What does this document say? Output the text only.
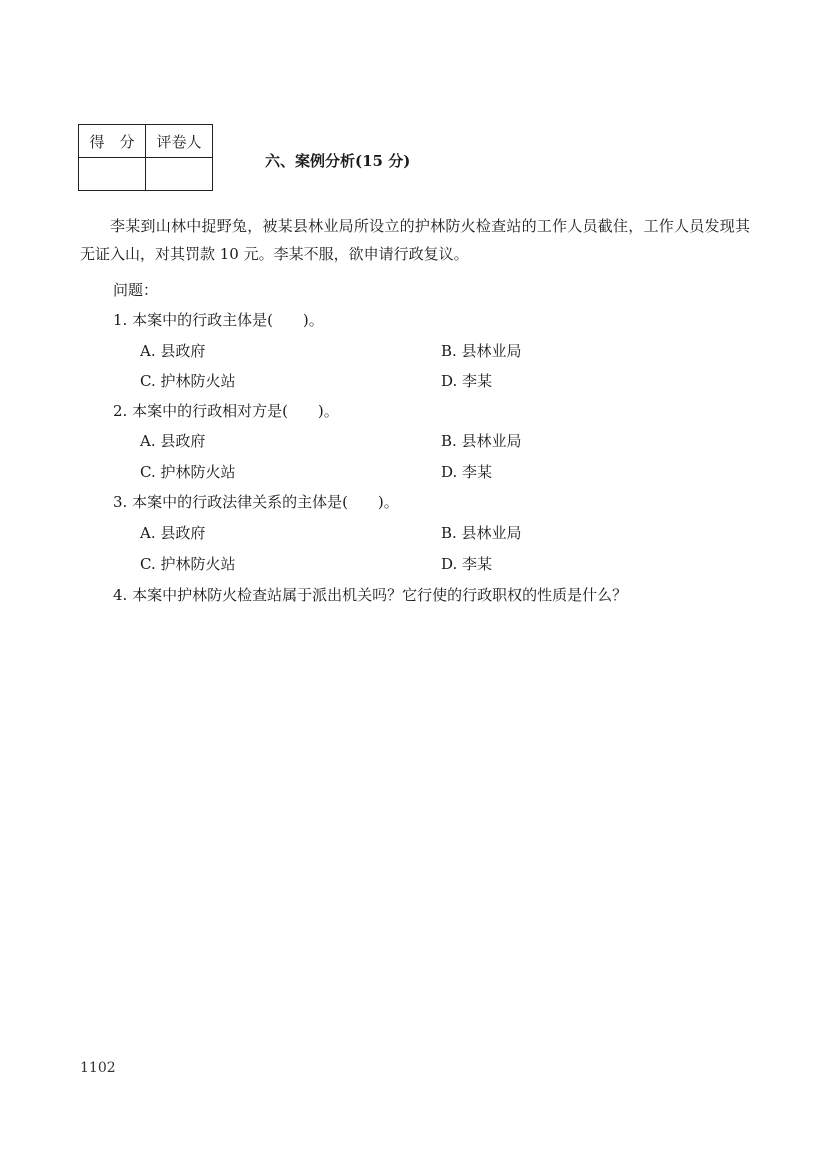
得　分	评卷人

六、案例分析(15 分)

李某到山林中捉野兔，被某县林业局所设立的护林防火检查站的工作人员截住，工作人员发现其无证入山，对其罚款 10 元。李某不服，欲申请行政复议。

问题：

1. 本案中的行政主体是(　　)。

A. 县政府	B. 县林业局

C. 护林防火站	D. 李某

2. 本案中的行政相对方是(　　)。

A. 县政府	B. 县林业局

C. 护林防火站	D. 李某

3. 本案中的行政法律关系的主体是(　　)。

A. 县政府	B. 县林业局

C. 护林防火站	D. 李某

4. 本案中护林防火检查站属于派出机关吗？它行使的行政职权的性质是什么？

1102
